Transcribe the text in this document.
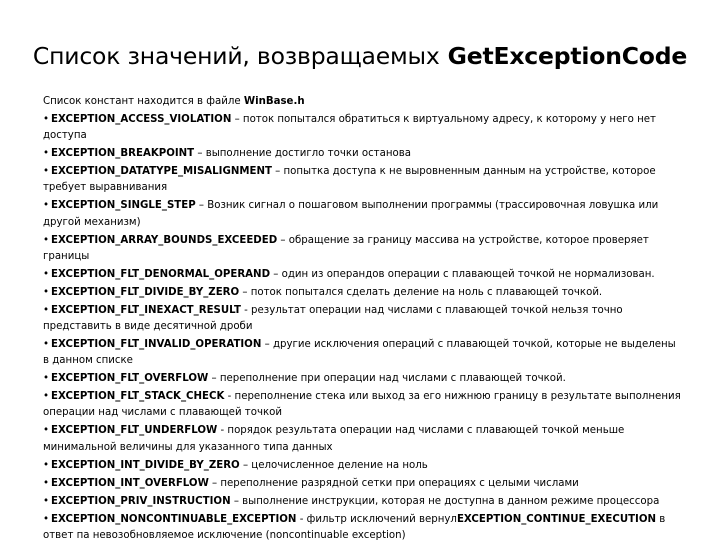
Список значений, возвращаемых GetExceptionCode
Список констант находится в файле WinBase.h
• EXCEPTION_ACCESS_VIOLATION – поток попытался обратиться к виртуальному адресу, к которому у него нет доступа
• EXCEPTION_BREAKPOINT – выполнение достигло точки останова
• EXCEPTION_DATATYPE_MISALIGNMENT – попытка доступа к не выровненным данным на устройстве, которое требует выравнивания
• EXCEPTION_SINGLE_STEP – Возник сигнал о пошаговом выполнении программы (трассировочная ловушка или другой механизм)
• EXCEPTION_ARRAY_BOUNDS_EXCEEDED – обращение за границу массива на устройстве, которое проверяет границы
• EXCEPTION_FLT_DENORMAL_OPERAND – один из операндов операции с плавающей точкой не нормализован.
• EXCEPTION_FLT_DIVIDE_BY_ZERO – поток попытался сделать деление на ноль с плавающей точкой.
• EXCEPTION_FLT_INEXACT_RESULT - результат операции над числами с плавающей точкой нельзя точно представить в виде десятичной дроби
• EXCEPTION_FLT_INVALID_OPERATION – другие исключения операций с плавающей точкой, которые не выделены в данном списке
• EXCEPTION_FLT_OVERFLOW – переполнение при операции над числами с плавающей точкой.
• EXCEPTION_FLT_STACK_CHECK - переполнение стека или выход за его нижнюю границу в результате выполнения операции над числами с плавающей точкой
• EXCEPTION_FLT_UNDERFLOW - порядок результата операции над числами с плавающей точкой меньше минимальной величины для указанного типа данных
• EXCEPTION_INT_DIVIDE_BY_ZERO – целочисленное деление на ноль
• EXCEPTION_INT_OVERFLOW – переполнение разрядной сетки при операциях с целыми числами
• EXCEPTION_PRIV_INSTRUCTION – выполнение инструкции, которая не доступна в данном режиме процессора
• EXCEPTION_NONCONTINUABLE_EXCEPTION - фильтр исключений вернулEXCEPTION_CONTINUE_EXECUTION в ответ па невозобновляемое исключение (noncontinuable exception)
